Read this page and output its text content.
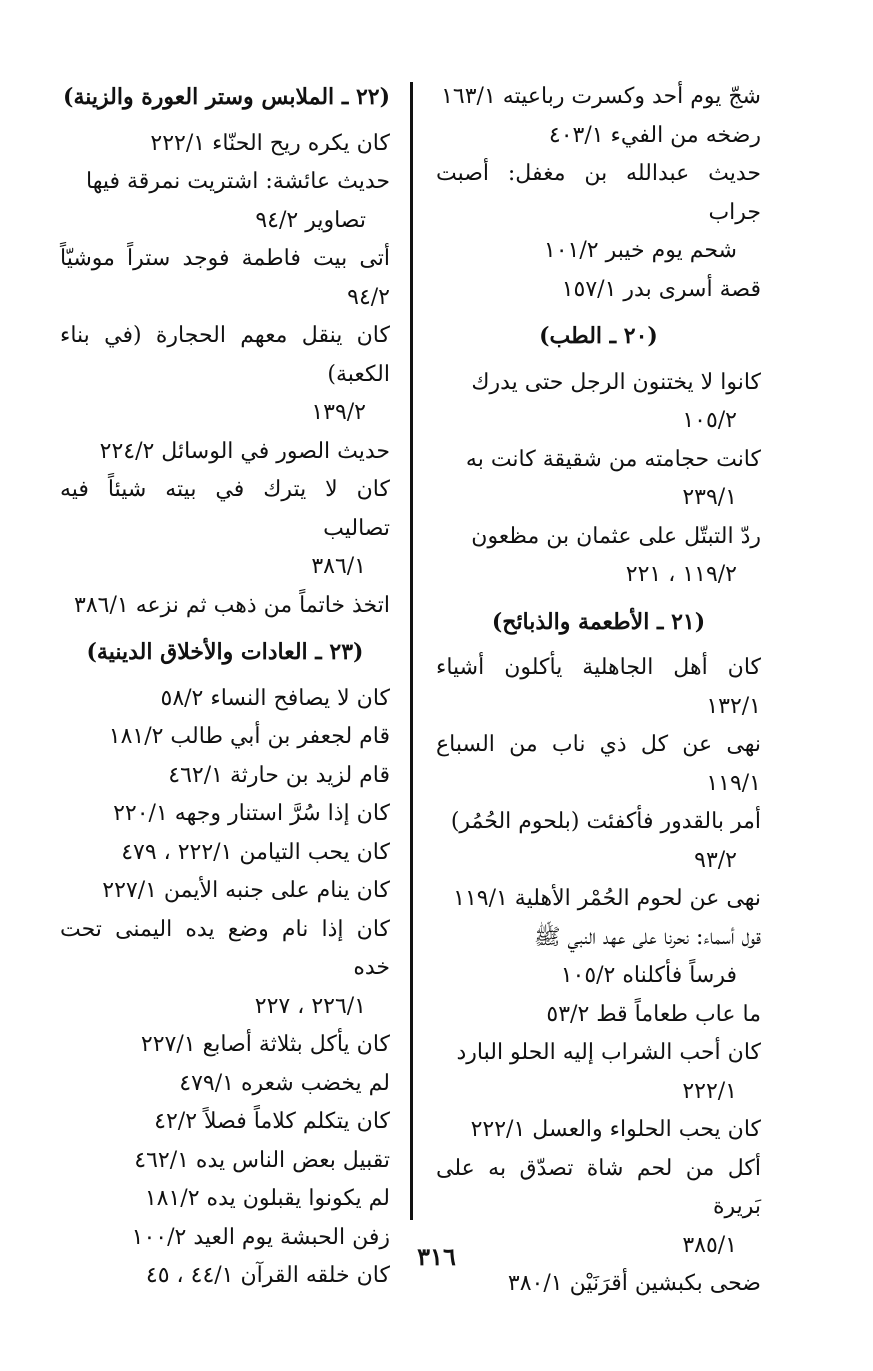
شجّ يوم أحد وكسرت رباعيته ١٦٣/١
رضخه من الفيء ٤٠٣/١
حديث عبدالله بن مغفل: أصبت جراب
شحم يوم خيبر ١٠١/٢
قصة أسرى بدر ١٥٧/١
(٢٠ ـ الطب)
كانوا لا يختنون الرجل حتى يدرك
١٠٥/٢
كانت حجامته من شقيقة كانت به
٢٣٩/١
ردّ التبتّل على عثمان بن مظعون
١١٩/٢ ، ٢٢١
(٢١ ـ الأطعمة والذبائح)
كان أهل الجاهلية يأكلون أشياء ١٣٢/١
نهى عن كل ذي ناب من السباع ١١٩/١
أمر بالقدور فأكفئت (بلحوم الحُمُر)
٩٣/٢
نهى عن لحوم الحُمْر الأهلية ١١٩/١
قول أسماء: نحرنا على عهد النبي ﷺ
فرساً فأكلناه ١٠٥/٢
ما عاب طعاماً قط ٥٣/٢
كان أحب الشراب إليه الحلو البارد
٢٢٢/١
كان يحب الحلواء والعسل ٢٢٢/١
أكل من لحم شاة تصدّق به على بَريرة
٣٨٥/١
ضحى بكبشين أقرَنَيْن ٣٨٠/١
(٢٢ ـ الملابس وستر العورة والزينة)
كان يكره ريح الحنّاء ٢٢٢/١
حديث عائشة: اشتريت نمرقة فيها
تصاوير ٩٤/٢
أتى بيت فاطمة فوجد ستراً موشيّاً ٩٤/٢
كان ينقل معهم الحجارة (في بناء الكعبة)
١٣٩/٢
حديث الصور في الوسائل ٢٢٤/٢
كان لا يترك في بيته شيئاً فيه تصاليب
٣٨٦/١
اتخذ خاتماً من ذهب ثم نزعه ٣٨٦/١
(٢٣ ـ العادات والأخلاق الدينية)
كان لا يصافح النساء ٥٨/٢
قام لجعفر بن أبي طالب ١٨١/٢
قام لزيد بن حارثة ٤٦٢/١
كان إذا سُرَّ استنار وجهه ٢٢٠/١
كان يحب التيامن ٢٢٢/١ ، ٤٧٩
كان ينام على جنبه الأيمن ٢٢٧/١
كان إذا نام وضع يده اليمنى تحت خده
٢٢٦/١ ، ٢٢٧
كان يأكل بثلاثة أصابع ٢٢٧/١
لم يخضب شعره ٤٧٩/١
كان يتكلم كلاماً فصلاً ٤٢/٢
تقبيل بعض الناس يده ٤٦٢/١
لم يكونوا يقبلون يده ١٨١/٢
زفن الحبشة يوم العيد ١٠٠/٢
كان خلقه القرآن ٤٤/١ ، ٤٥
٣١٦
